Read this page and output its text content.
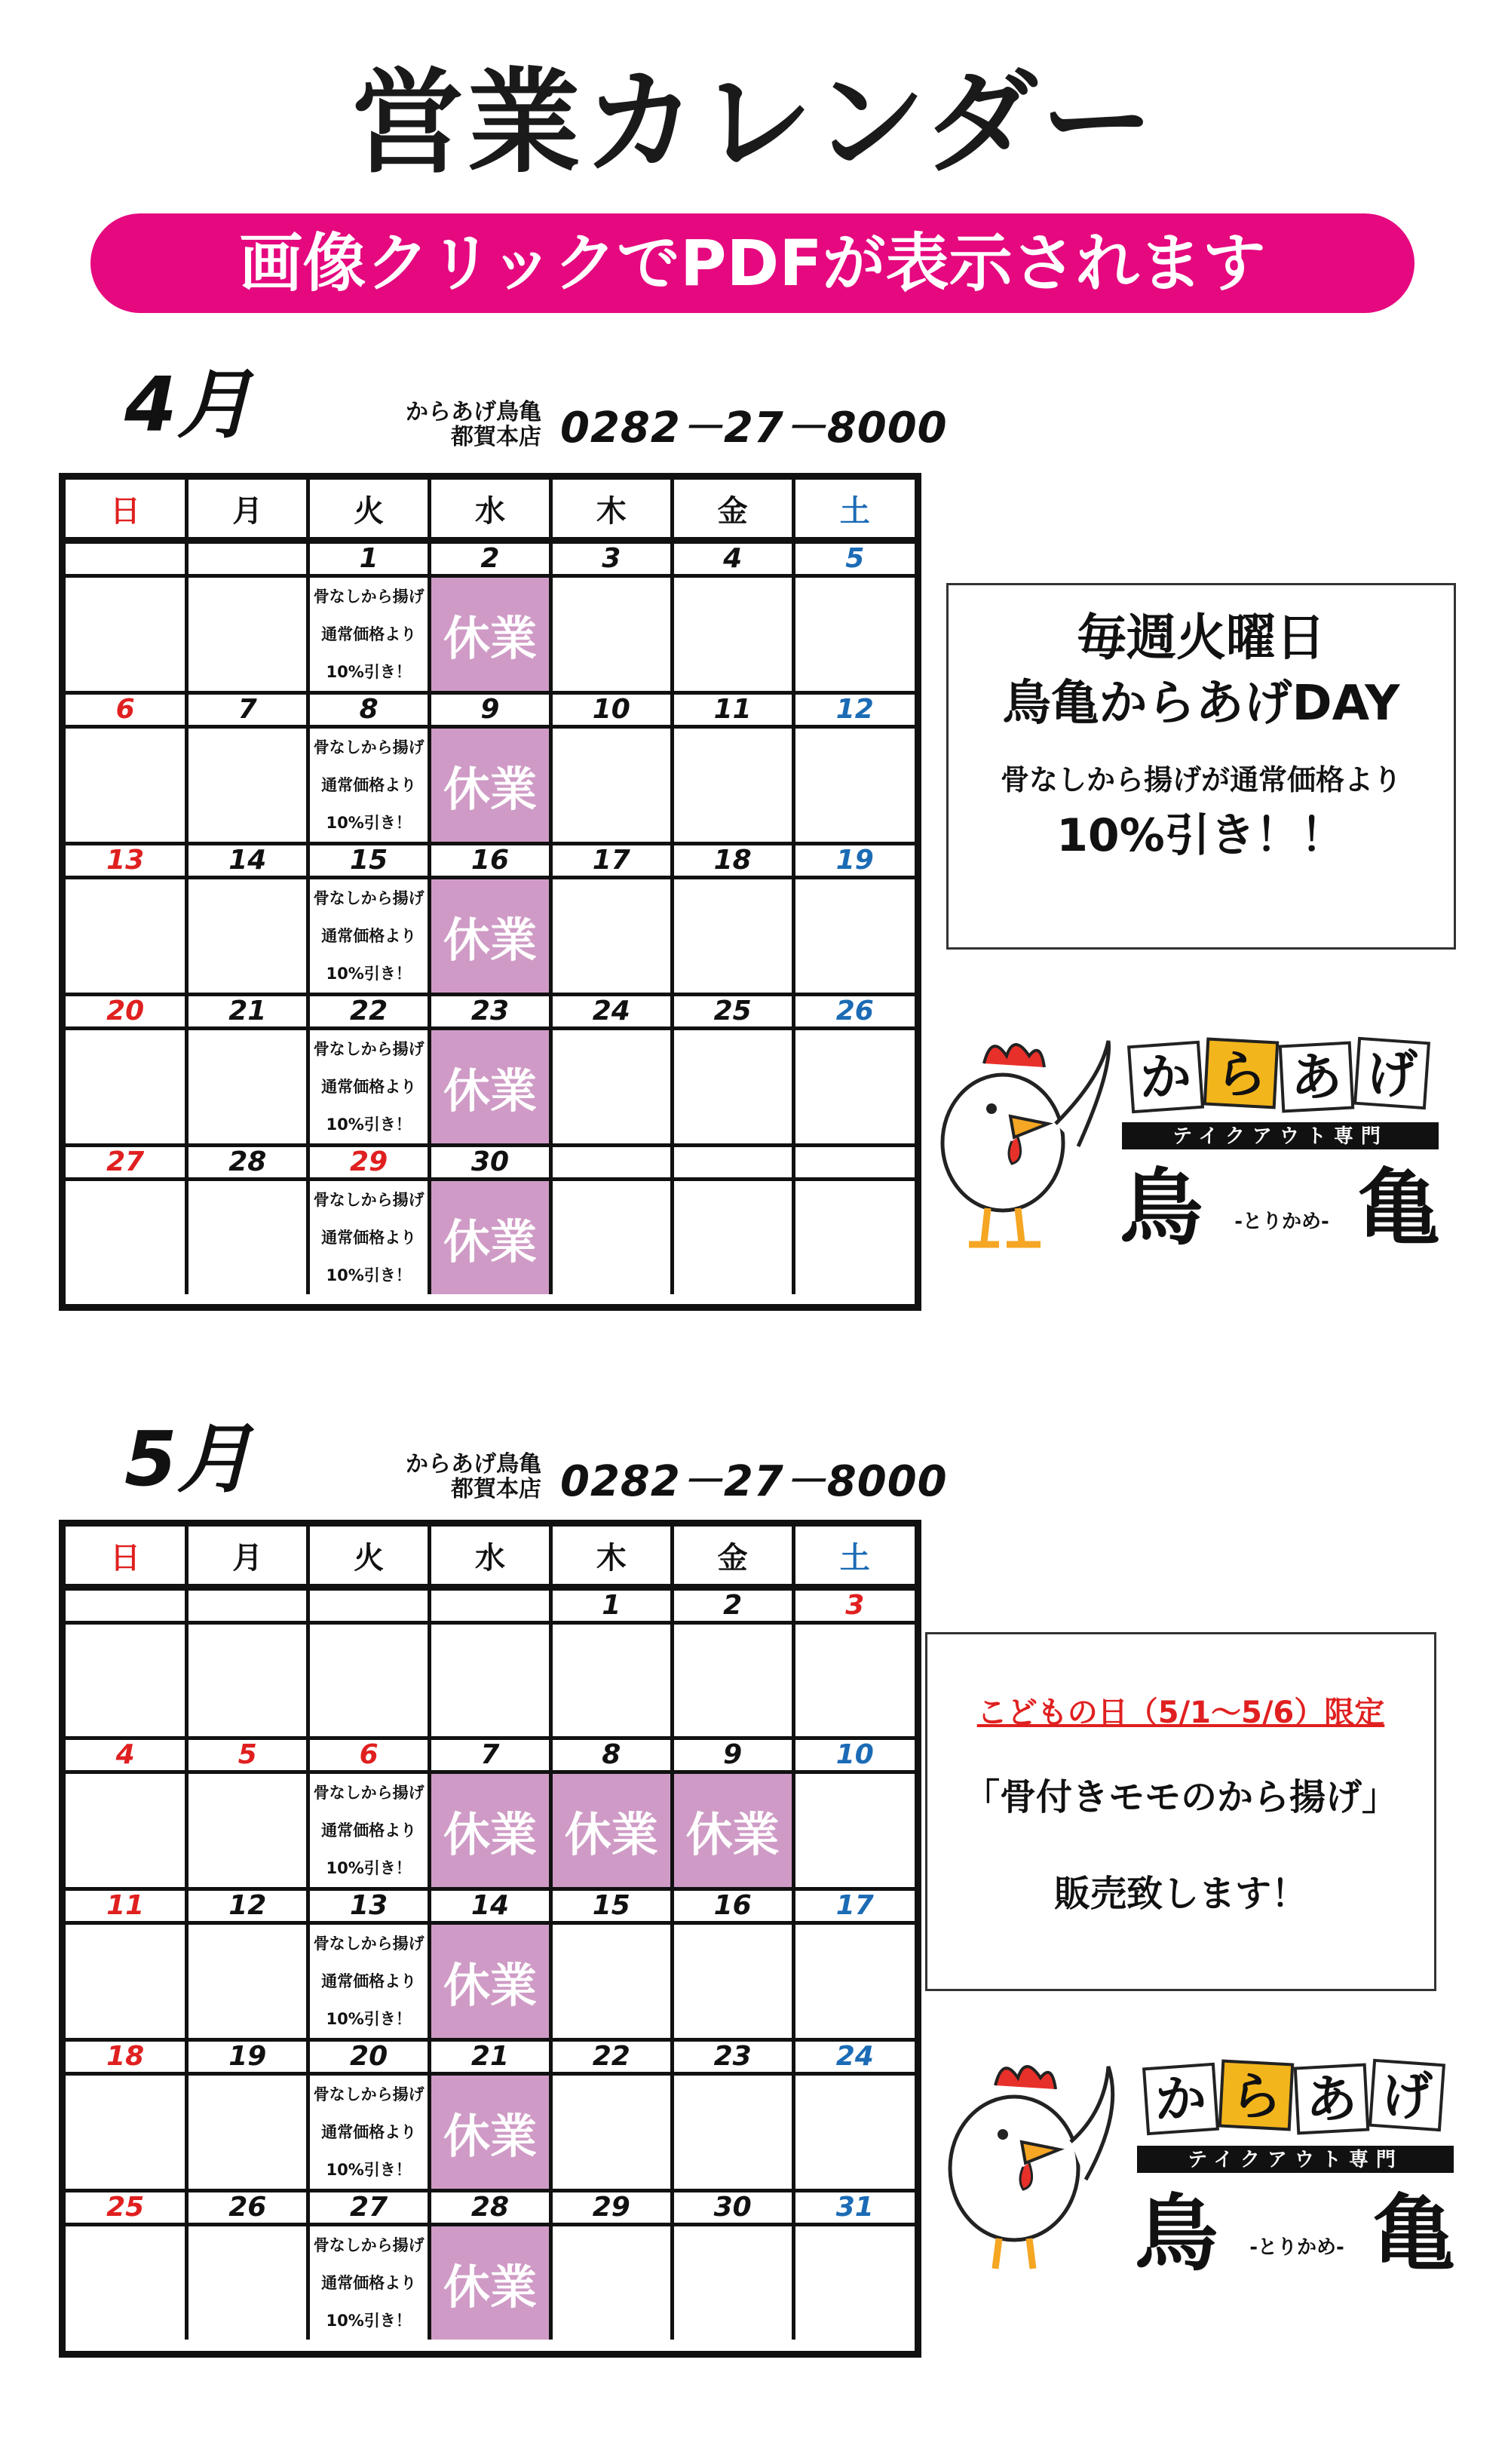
営業カレンダー
画像クリックでPDFが表示されます
4月	からあげ鳥亀
都賀本店 0282－27－8000
日	月	火	水	木	金	土
		1	2	3	4	5

		骨なしから揚げ
通常価格より
10%引き！	休業			
6	7	8	9	10	11	12

		骨なしから揚げ
通常価格より
10%引き！	休業			
13	14	15	16	17	18	19

		骨なしから揚げ
通常価格より
10%引き！	休業			
20	21	22	23	24	25	26

		骨なしから揚げ
通常価格より
10%引き！	休業			
27	28	29	30			

		骨なしから揚げ
通常価格より
10%引き！	休業			
毎週火曜日
鳥亀からあげDAY
骨なしから揚げが通常価格より
10%引き！！
か ら あ げ
テイクアウト専門
鳥 -とりかめ- 亀
5月	からあげ鳥亀
都賀本店 0282－27－8000
日	月	火	水	木	金	土
				1	2	3

4	5	6	7	8	9	10

		骨なしから揚げ
通常価格より
10%引き！	休業	休業	休業	
11	12	13	14	15	16	17

		骨なしから揚げ
通常価格より
10%引き！	休業			
18	19	20	21	22	23	24

		骨なしから揚げ
通常価格より
10%引き！	休業			
25	26	27	28	29	30	31

		骨なしから揚げ
通常価格より
10%引き！	休業			
こどもの日（5/1～5/6）限定
「骨付きモモのから揚げ」
販売致します！
か ら あ げ
テイクアウト専門
鳥 -とりかめ- 亀
